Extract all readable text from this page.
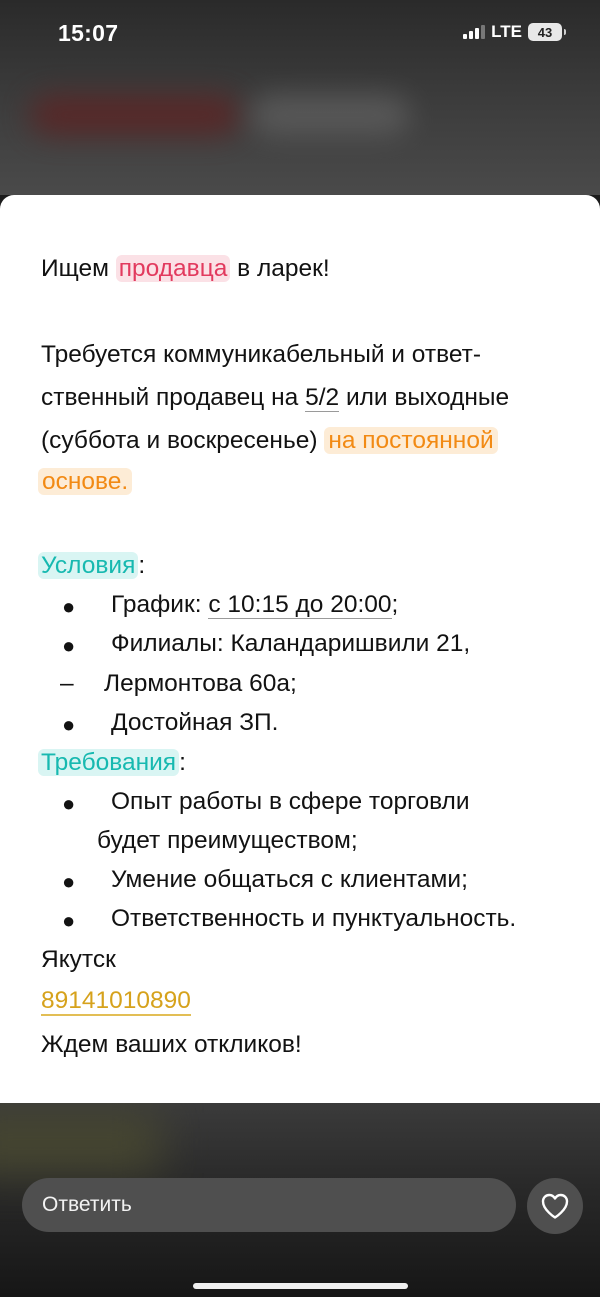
15:07	LTE 43
Ищем продавца в ларек!
Требуется коммуникабельный и ответ-
ственный продавец на 5/2 или выходные
(суббота и воскресенье) на постоянной
основе.
Условия :
● График: с 10:15 до 20:00;
● Филиалы: Каландаришвили 21,
– Лермонтова 60а;
● Достойная ЗП.
Требования :
● Опыт работы в сфере торговли
будет преимуществом;
● Умение общаться с клиентами;
● Ответственность и пунктуальность.
Якутск
89141010890
Ждем ваших откликов!
Ответить
